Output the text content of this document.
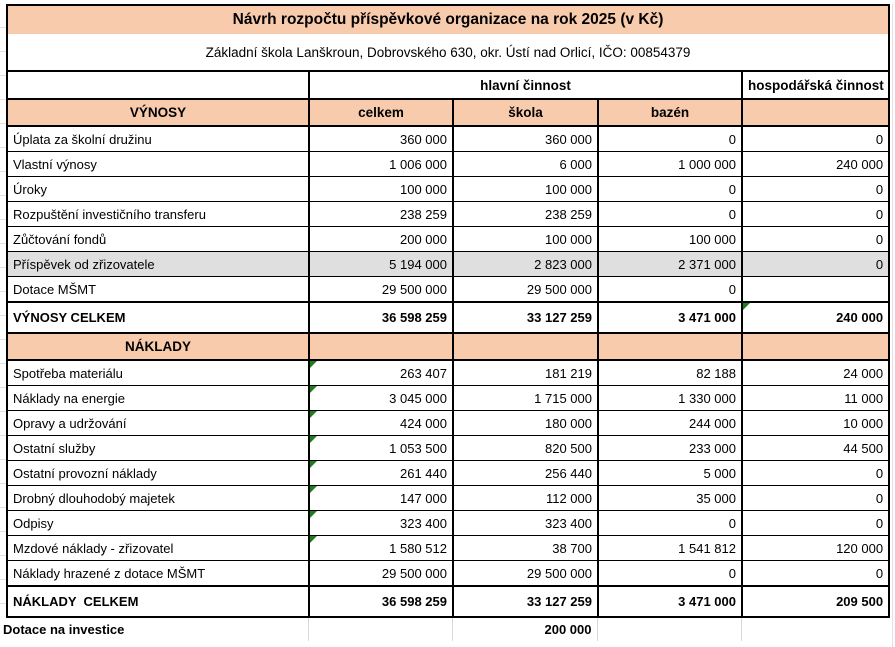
Návrh rozpočtu příspěvkové organizace na rok 2025 (v Kč)				
Základní škola Lanškroun, Dobrovského 630, okr. Ústí nad Orlicí, IČO: 00854379				
	hlavní činnost			hospodářská činnost
VÝNOSY	celkem	škola	bazén	
Úplata za školní družinu	360 000	360 000	0	0
Vlastní výnosy	1 006 000	6 000	1 000 000	240 000
Úroky	100 000	100 000	0	0
Rozpuštění investičního transferu	238 259	238 259	0	0
Zůčtování fondů	200 000	100 000	100 000	0
Příspěvek od zřizovatele	5 194 000	2 823 000	2 371 000	0
Dotace MŠMT	29 500 000	29 500 000	0	
VÝNOSY CELKEM	36 598 259	33 127 259	3 471 000	240 000
NÁKLADY				
Spotřeba materiálu	263 407	181 219	82 188	24 000
Náklady na energie	3 045 000	1 715 000	1 330 000	11 000
Opravy a udržování	424 000	180 000	244 000	10 000
Ostatní služby	1 053 500	820 500	233 000	44 500
Ostatní provozní náklady	261 440	256 440	5 000	0
Drobný dlouhodobý majetek	147 000	112 000	35 000	0
Odpisy	323 400	323 400	0	0
Mzdové náklady - zřizovatel	1 580 512	38 700	1 541 812	120 000
Náklady hrazené z dotace MŠMT	29 500 000	29 500 000	0	0
NÁKLADY  CELKEM	36 598 259	33 127 259	3 471 000	209 500
Dotace na investice		200 000		
